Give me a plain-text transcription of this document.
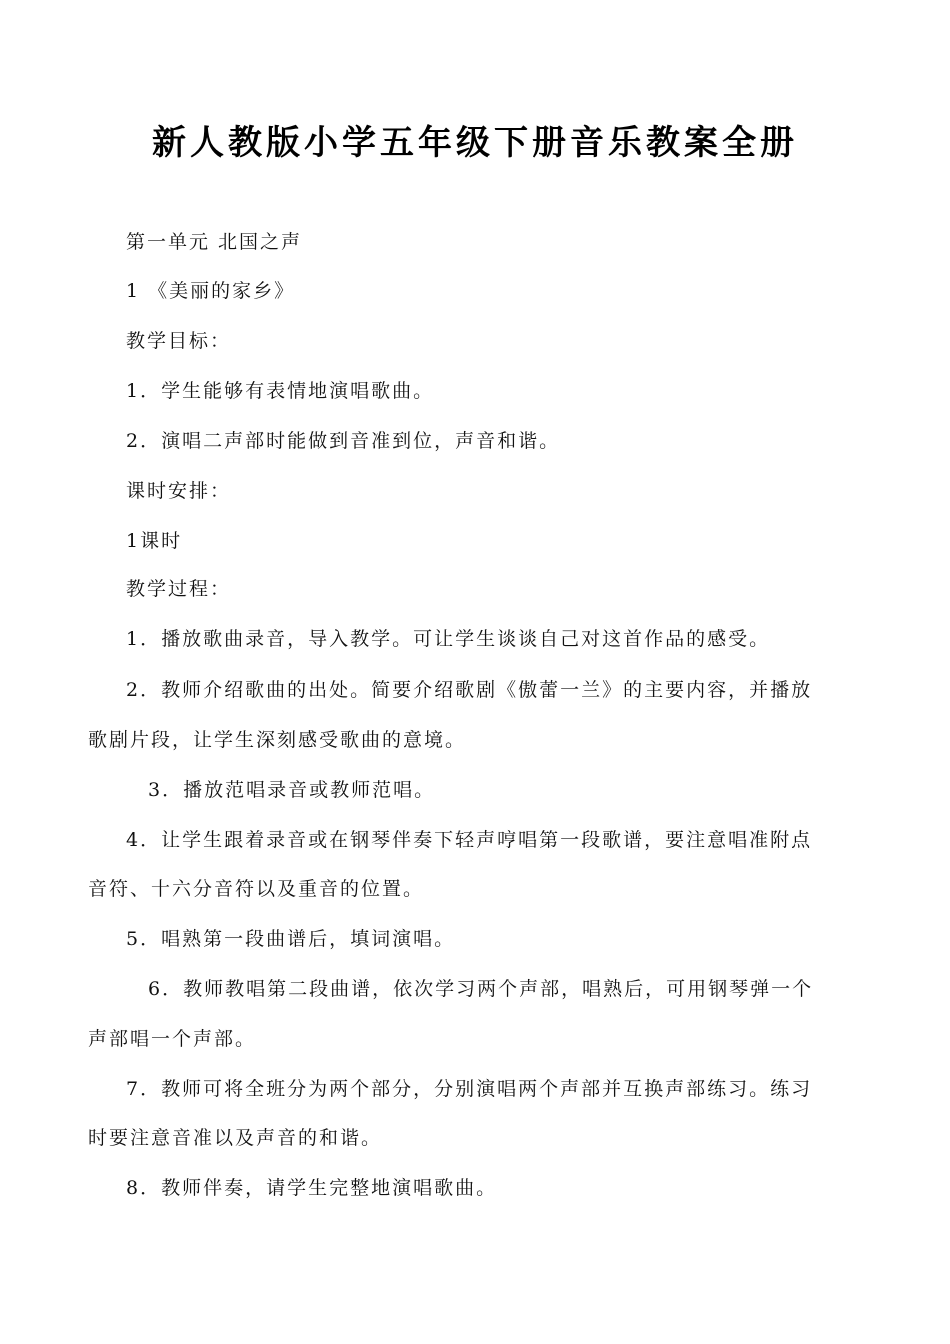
新人教版小学五年级下册音乐教案全册
第一单元 北国之声
1 《美丽的家乡》
教学目标：
1．学生能够有表情地演唱歌曲。
2．演唱二声部时能做到音准到位，声音和谐。
课时安排：
1课时
教学过程：
1．播放歌曲录音，导入教学。可让学生谈谈自己对这首作品的感受。
2．教师介绍歌曲的出处。简要介绍歌剧《傲蕾一兰》的主要内容，并播放
歌剧片段，让学生深刻感受歌曲的意境。
3．播放范唱录音或教师范唱。
4．让学生跟着录音或在钢琴伴奏下轻声哼唱第一段歌谱，要注意唱准附点
音符、十六分音符以及重音的位置。
5．唱熟第一段曲谱后，填词演唱。
6．教师教唱第二段曲谱，依次学习两个声部，唱熟后，可用钢琴弹一个
声部唱一个声部。
7．教师可将全班分为两个部分，分别演唱两个声部并互换声部练习。练习
时要注意音准以及声音的和谐。
8．教师伴奏，请学生完整地演唱歌曲。
